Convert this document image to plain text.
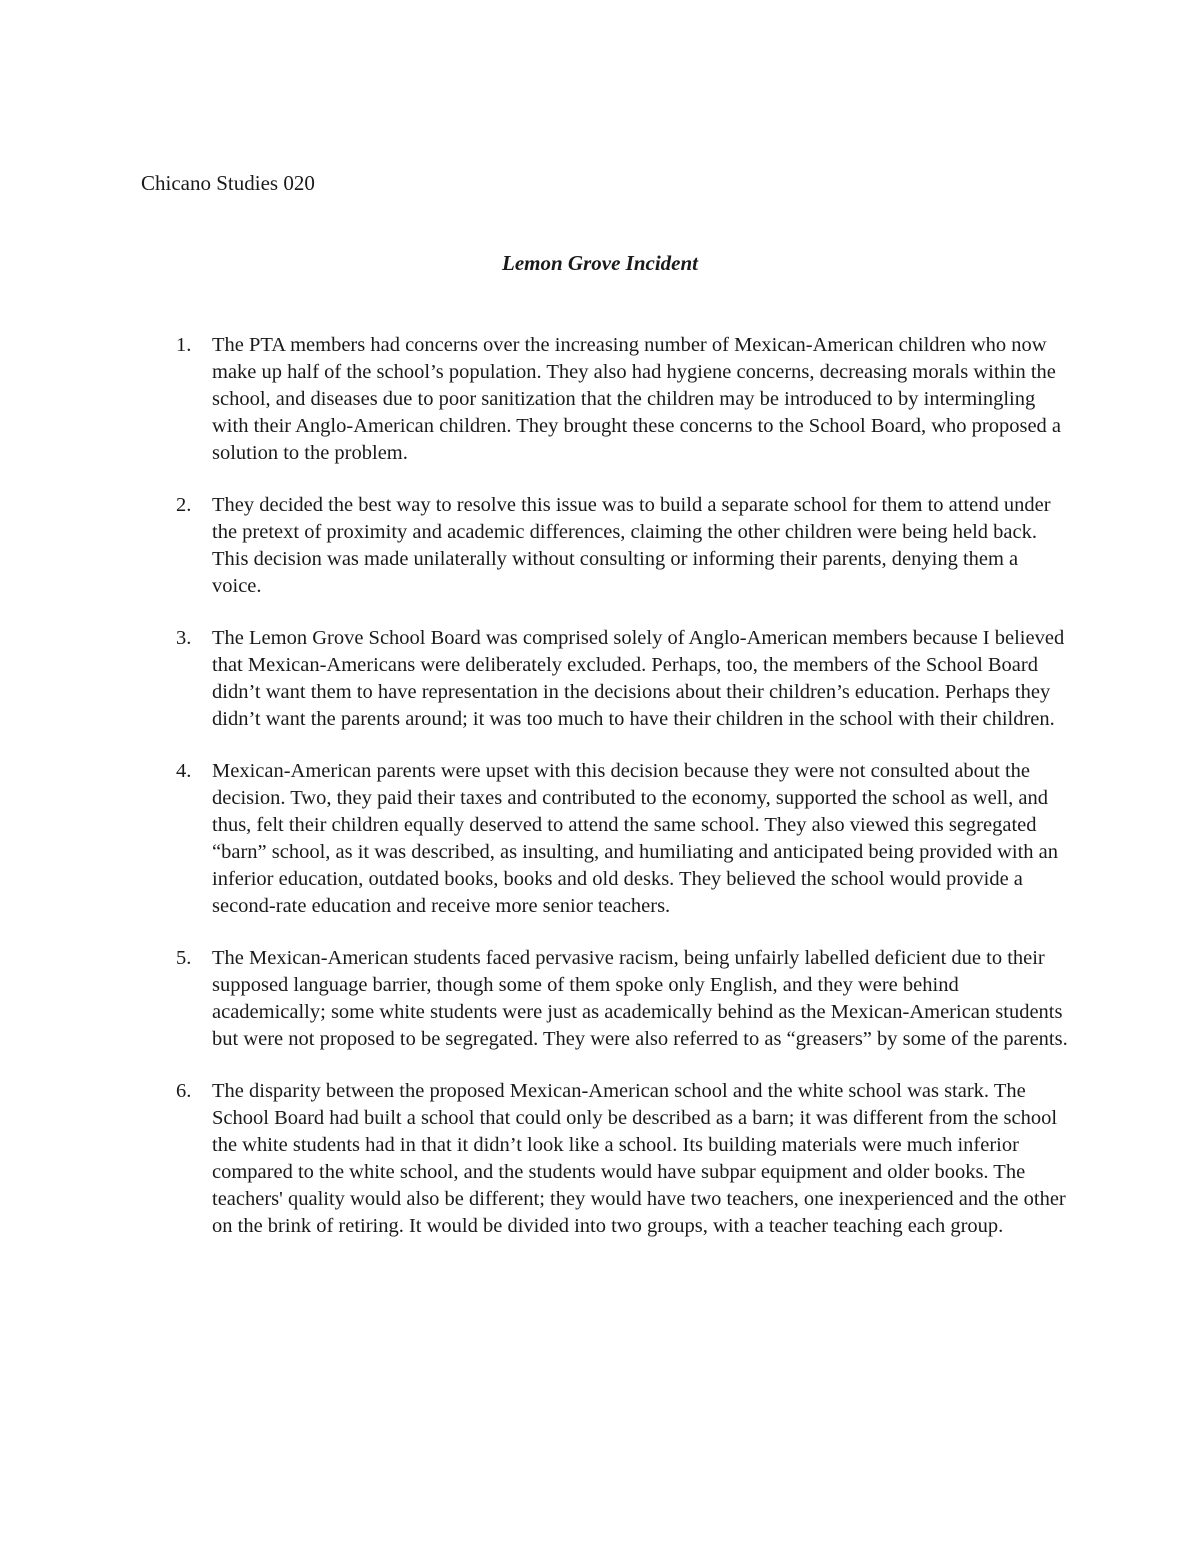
Chicano Studies 020

Lemon Grove Incident
1. The PTA members had concerns over the increasing number of Mexican-American children who now make up half of the school’s population. They also had hygiene concerns, decreasing morals within the school, and diseases due to poor sanitization that the children may be introduced to by intermingling with their Anglo-American children. They brought these concerns to the School Board, who proposed a solution to the problem.
2. They decided the best way to resolve this issue was to build a separate school for them to attend under the pretext of proximity and academic differences, claiming the other children were being held back. This decision was made unilaterally without consulting or informing their parents, denying them a voice.
3. The Lemon Grove School Board was comprised solely of Anglo-American members because I believed that Mexican-Americans were deliberately excluded. Perhaps, too, the members of the School Board didn’t want them to have representation in the decisions about their children’s education. Perhaps they didn’t want the parents around; it was too much to have their children in the school with their children.
4. Mexican-American parents were upset with this decision because they were not consulted about the decision. Two, they paid their taxes and contributed to the economy, supported the school as well, and thus, felt their children equally deserved to attend the same school. They also viewed this segregated “barn” school, as it was described, as insulting, and humiliating and anticipated being provided with an inferior education, outdated books, books and old desks. They believed the school would provide a second-rate education and receive more senior teachers.
5. The Mexican-American students faced pervasive racism, being unfairly labelled deficient due to their supposed language barrier, though some of them spoke only English, and they were behind academically; some white students were just as academically behind as the Mexican-American students but were not proposed to be segregated. They were also referred to as “greasers” by some of the parents.
6. The disparity between the proposed Mexican-American school and the white school was stark. The School Board had built a school that could only be described as a barn; it was different from the school the white students had in that it didn’t look like a school. Its building materials were much inferior compared to the white school, and the students would have subpar equipment and older books. The teachers' quality would also be different; they would have two teachers, one inexperienced and the other on the brink of retiring. It would be divided into two groups, with a teacher teaching each group.
